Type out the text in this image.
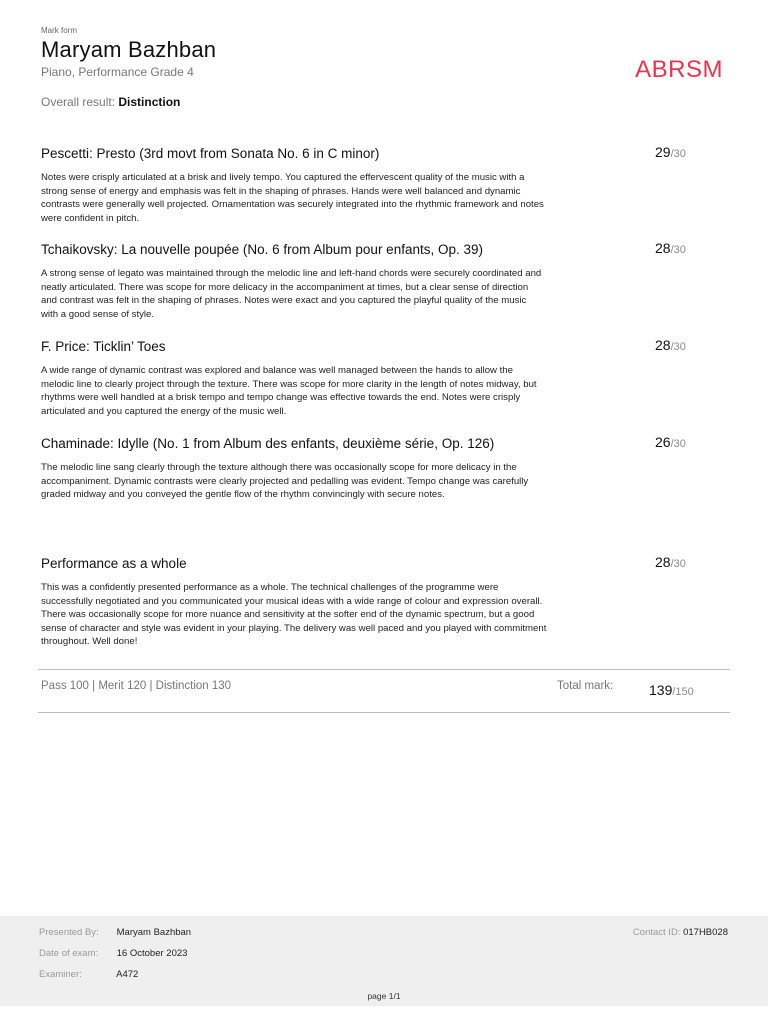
Mark form
Maryam Bazhban
Piano, Performance Grade 4	ABRSM
Overall result: Distinction
Pescetti: Presto (3rd movt from Sonata No. 6 in C minor)	29/30
Notes were crisply articulated at a brisk and lively tempo. You captured the effervescent quality of the music with a strong sense of energy and emphasis was felt in the shaping of phrases. Hands were well balanced and dynamic contrasts were generally well projected. Ornamentation was securely integrated into the rhythmic framework and notes were confident in pitch.
Tchaikovsky: La nouvelle poupée (No. 6 from Album pour enfants, Op. 39)	28/30
A strong sense of legato was maintained through the melodic line and left-hand chords were securely coordinated and neatly articulated. There was scope for more delicacy in the accompaniment at times, but a clear sense of direction and contrast was felt in the shaping of phrases. Notes were exact and you captured the playful quality of the music with a good sense of style.
F. Price: Ticklin’ Toes	28/30
A wide range of dynamic contrast was explored and balance was well managed between the hands to allow the melodic line to clearly project through the texture. There was scope for more clarity in the length of notes midway, but rhythms were well handled at a brisk tempo and tempo change was effective towards the end. Notes were crisply articulated and you captured the energy of the music well.
Chaminade: Idylle (No. 1 from Album des enfants, deuxième série, Op. 126)	26/30
The melodic line sang clearly through the texture although there was occasionally scope for more delicacy in the accompaniment. Dynamic contrasts were clearly projected and pedalling was evident. Tempo change was carefully graded midway and you conveyed the gentle flow of the rhythm convincingly with secure notes.
Performance as a whole	28/30
This was a confidently presented performance as a whole. The technical challenges of the programme were successfully negotiated and you communicated your musical ideas with a wide range of colour and expression overall. There was occasionally scope for more nuance and sensitivity at the softer end of the dynamic spectrum, but a good sense of character and style was evident in your playing. The delivery was well paced and you played with commitment throughout. Well done!
Pass 100 | Merit 120 | Distinction 130	Total mark:	139/150
Presented By: Maryam Bazhban
Date of exam: 16 October 2023
Examiner:	A472
Contact ID: 017HB028
page 1/1
